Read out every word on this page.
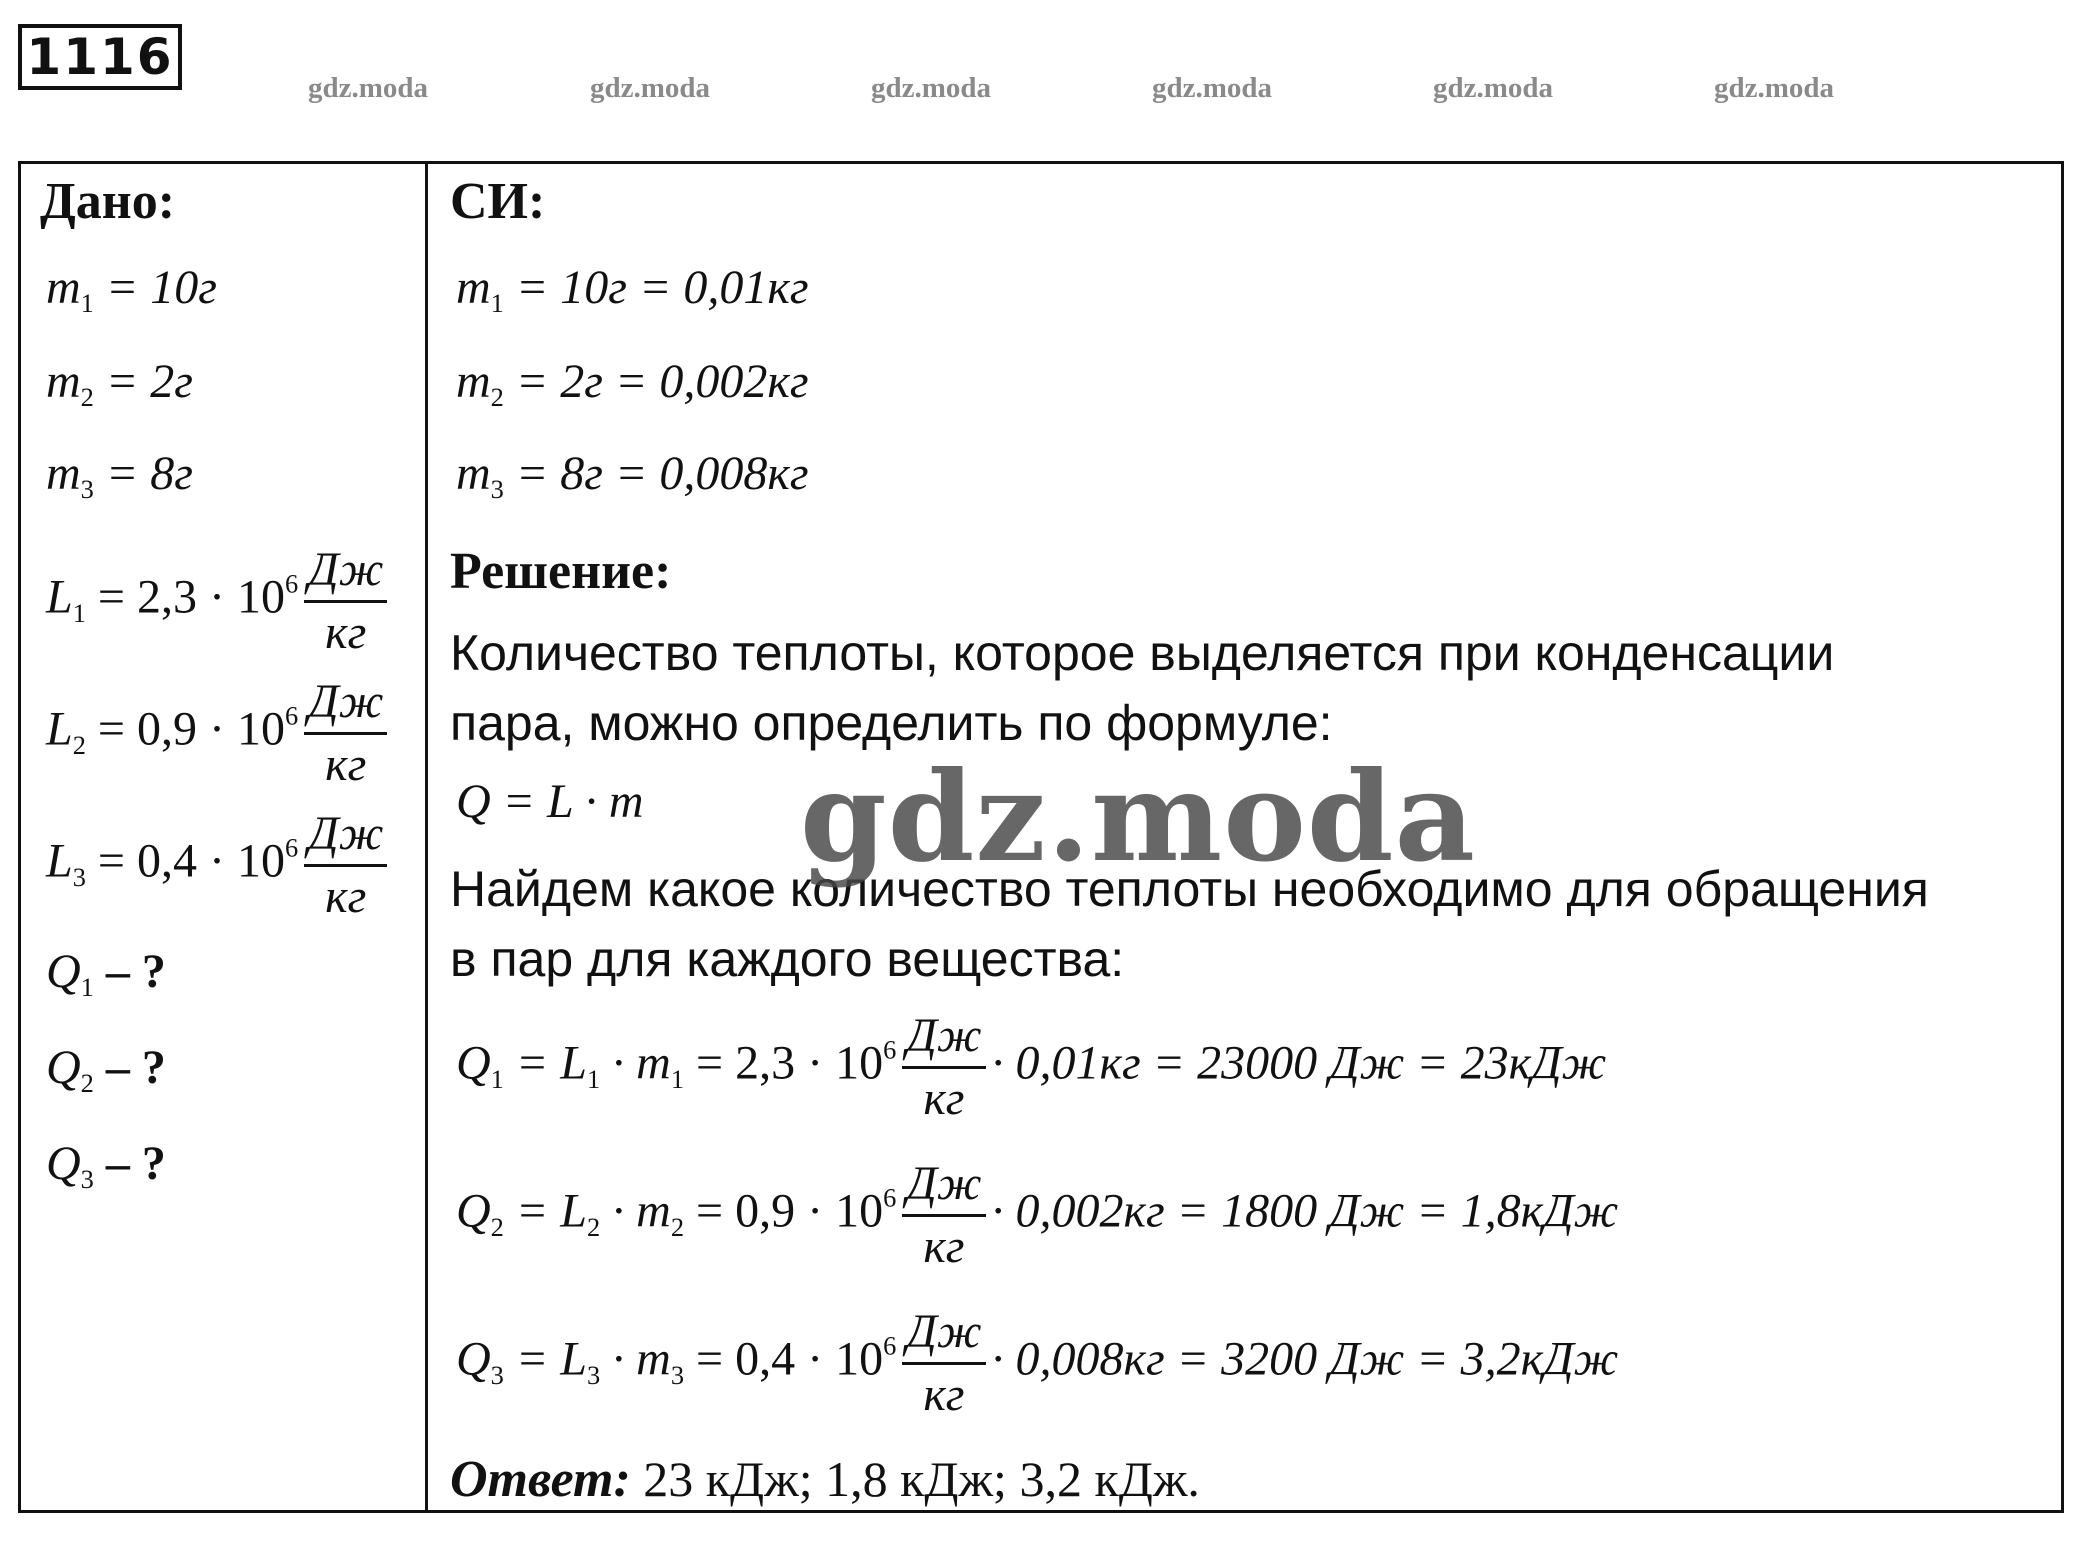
1116
gdz.moda	gdz.moda	gdz.moda	gdz.moda	gdz.moda	gdz.moda
Дано:
$m_1 = 10г$
$m_2 = 2г$
$m_3 = 8г$
$L_1 = 2,3 \cdot 10^6 \frac{Дж}{кг}$
$L_2 = 0,9 \cdot 10^6 \frac{Дж}{кг}$
$L_3 = 0,4 \cdot 10^6 \frac{Дж}{кг}$
$Q_1$ – ?
$Q_2$ – ?
$Q_3$ – ?
СИ:
$m_1 = 10г = 0,01кг$
$m_2 = 2г = 0,002кг$
$m_3 = 8г = 0,008кг$
Решение:
Количество теплоты, которое выделяется при конденсации
пара, можно определить по формуле:
Q = L · m
Найдем какое количество теплоты необходимо для обращения
в пар для каждого вещества:
$Q_1 = L_1 \cdot m_1 = 2,3 \cdot 10^6 \frac{Дж}{кг} \cdot 0,01кг = 23000$ Дж = 23кДж
$Q_2 = L_2 \cdot m_2 = 0,9 \cdot 10^6 \frac{Дж}{кг} \cdot 0,002кг = 1800$ Дж = 1,8кДж
$Q_3 = L_3 \cdot m_3 = 0,4 \cdot 10^6 \frac{Дж}{кг} \cdot 0,008кг = 3200$ Дж = 3,2кДж
Ответ: 23 кДж; 1,8 кДж; 3,2 кДж.
gdz.moda
